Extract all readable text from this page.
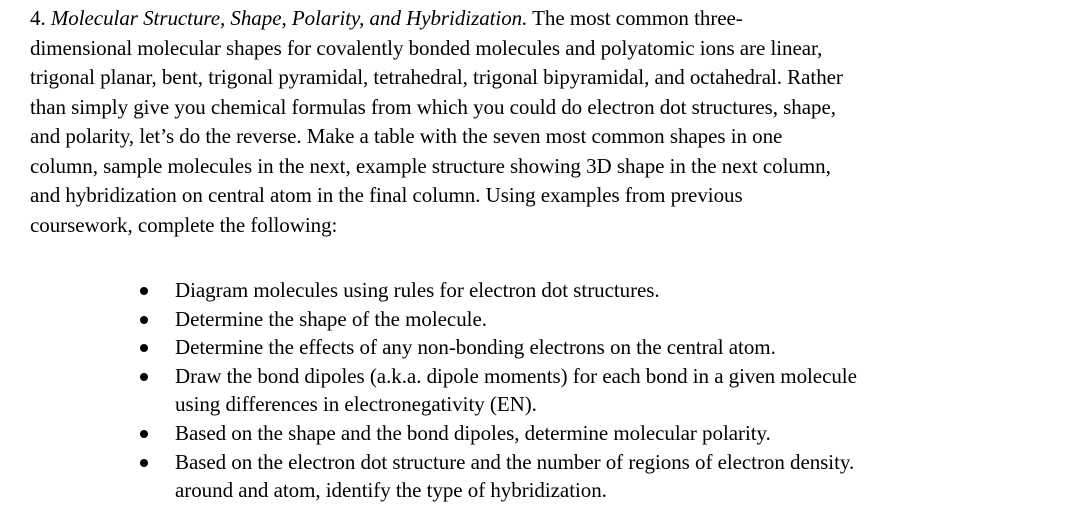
4. Molecular Structure, Shape, Polarity, and Hybridization. The most common three-
dimensional molecular shapes for covalently bonded molecules and polyatomic ions are linear,
trigonal planar, bent, trigonal pyramidal, tetrahedral, trigonal bipyramidal, and octahedral. Rather
than simply give you chemical formulas from which you could do electron dot structures, shape,
and polarity, let’s do the reverse. Make a table with the seven most common shapes in one
column, sample molecules in the next, example structure showing 3D shape in the next column,
and hybridization on central atom in the final column. Using examples from previous
coursework, complete the following:

Diagram molecules using rules for electron dot structures.
Determine the shape of the molecule.
Determine the effects of any non-bonding electrons on the central atom.
Draw the bond dipoles (a.k.a. dipole moments) for each bond in a given molecule
using differences in electronegativity (EN).
Based on the shape and the bond dipoles, determine molecular polarity.
Based on the electron dot structure and the number of regions of electron density.
around and atom, identify the type of hybridization.
